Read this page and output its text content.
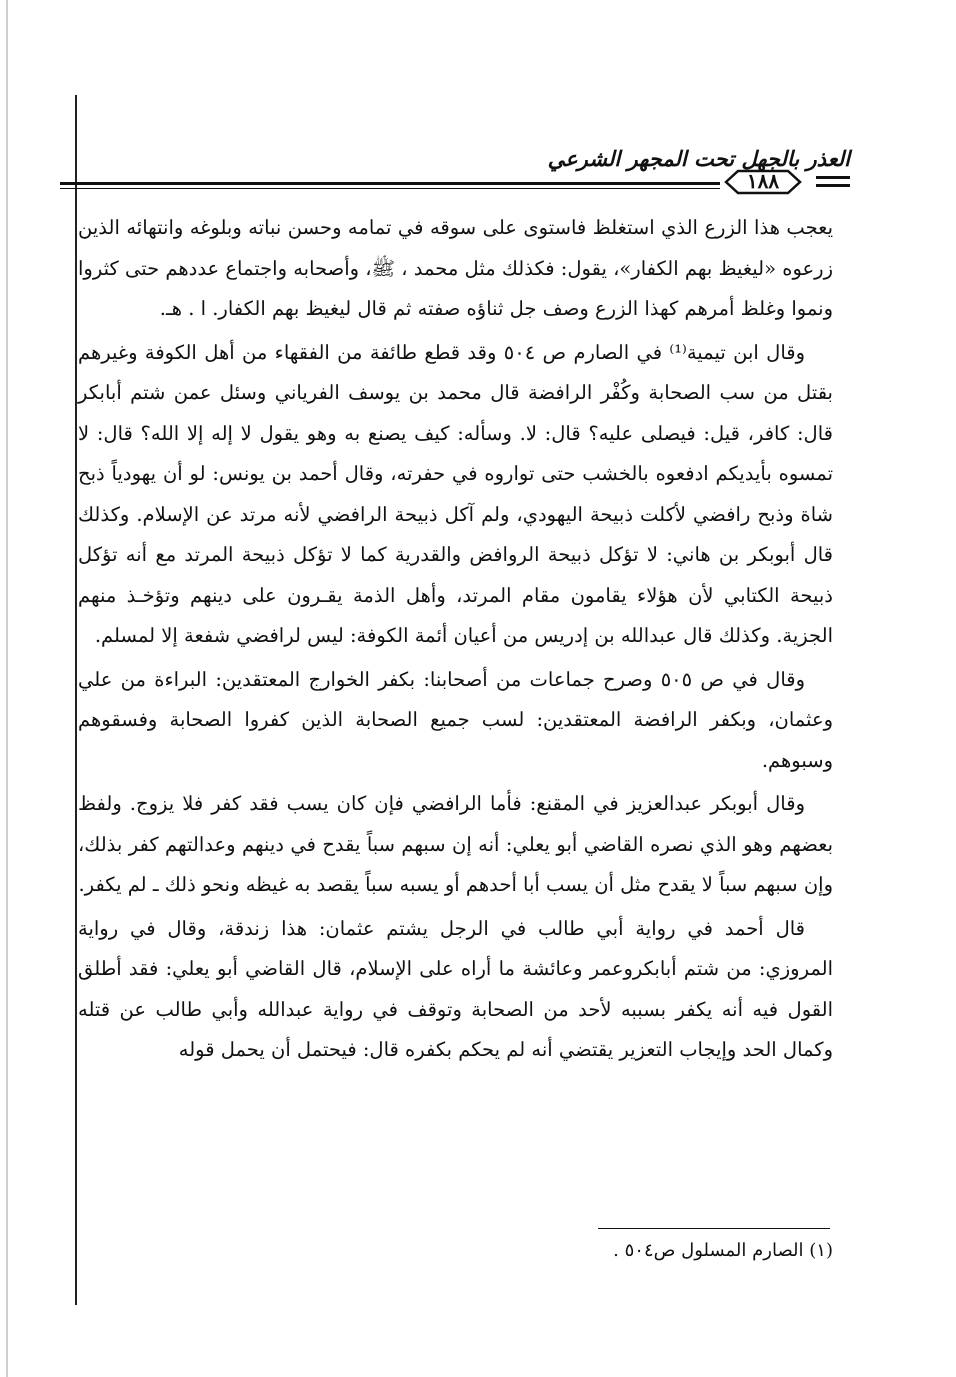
العذر بالجهل تحت المجهر الشرعي
١٨٨

يعجب هذا الزرع الذي استغلظ فاستوى على سوقه في تمامه وحسن نباته وبلوغه وانتهائه الذين زرعوه «ليغيظ بهم الكفار»، يقول: فكذلك مثل محمد ، ﷺ، وأصحابه واجتماع عددهم حتى كثروا ونموا وغلظ أمرهم كهذا الزرع وصف جل ثناؤه صفته ثم قال ليغيظ بهم الكفار. ا . هـ.

وقال ابن تيمية⁽¹⁾ في الصارم ص ٥٠٤ وقد قطع طائفة من الفقهاء من أهل الكوفة وغيرهم بقتل من سب الصحابة وكُفْر الرافضة قال محمد بن يوسف الفرياني وسئل عمن شتم أبابكر قال: كافر، قيل: فيصلى عليه؟ قال: لا. وسأله: كيف يصنع به وهو يقول لا إله إلا الله؟ قال: لا تمسوه بأيديكم ادفعوه بالخشب حتى تواروه في حفرته، وقال أحمد بن يونس: لو أن يهودياً ذبح شاة وذبح رافضي لأكلت ذبيحة اليهودي، ولم آكل ذبيحة الرافضي لأنه مرتد عن الإسلام. وكذلك قال أبوبكر بن هاني: لا تؤكل ذبيحة الروافض والقدرية كما لا تؤكل ذبيحة المرتد مع أنه تؤكل ذبيحة الكتابي لأن هؤلاء يقامون مقام المرتد، وأهل الذمة يقـرون على دينهم وتؤخـذ منهم الجزية. وكذلك قال عبدالله بن إدريس من أعيان أئمة الكوفة: ليس لرافضي شفعة إلا لمسلم.

وقال في ص ٥٠٥ وصرح جماعات من أصحابنا: بكفر الخوارج المعتقدين: البراءة من علي وعثمان، وبكفر الرافضة المعتقدين: لسب جميع الصحابة الذين كفروا الصحابة وفسقوهم وسبوهم.

وقال أبوبكر عبدالعزيز في المقنع: فأما الرافضي فإن كان يسب فقد كفر فلا يزوج. ولفظ بعضهم وهو الذي نصره القاضي أبو يعلي: أنه إن سبهم سباً يقدح في دينهم وعدالتهم كفر بذلك، وإن سبهم سباً لا يقدح مثل أن يسب أبا أحدهم أو يسبه سباً يقصد به غيظه ونحو ذلك ـ لم يكفر.

قال أحمد في رواية أبي طالب في الرجل يشتم عثمان: هذا زندقة، وقال في رواية المروزي: من شتم أبابكروعمر وعائشة ما أراه على الإسلام، قال القاضي أبو يعلي: فقد أطلق القول فيه أنه يكفر بسببه لأحد من الصحابة وتوقف في رواية عبدالله وأبي طالب عن قتله وكمال الحد وإيجاب التعزير يقتضي أنه لم يحكم بكفره قال: فيحتمل أن يحمل قوله

(١) الصارم المسلول ص٥٠٤ .
